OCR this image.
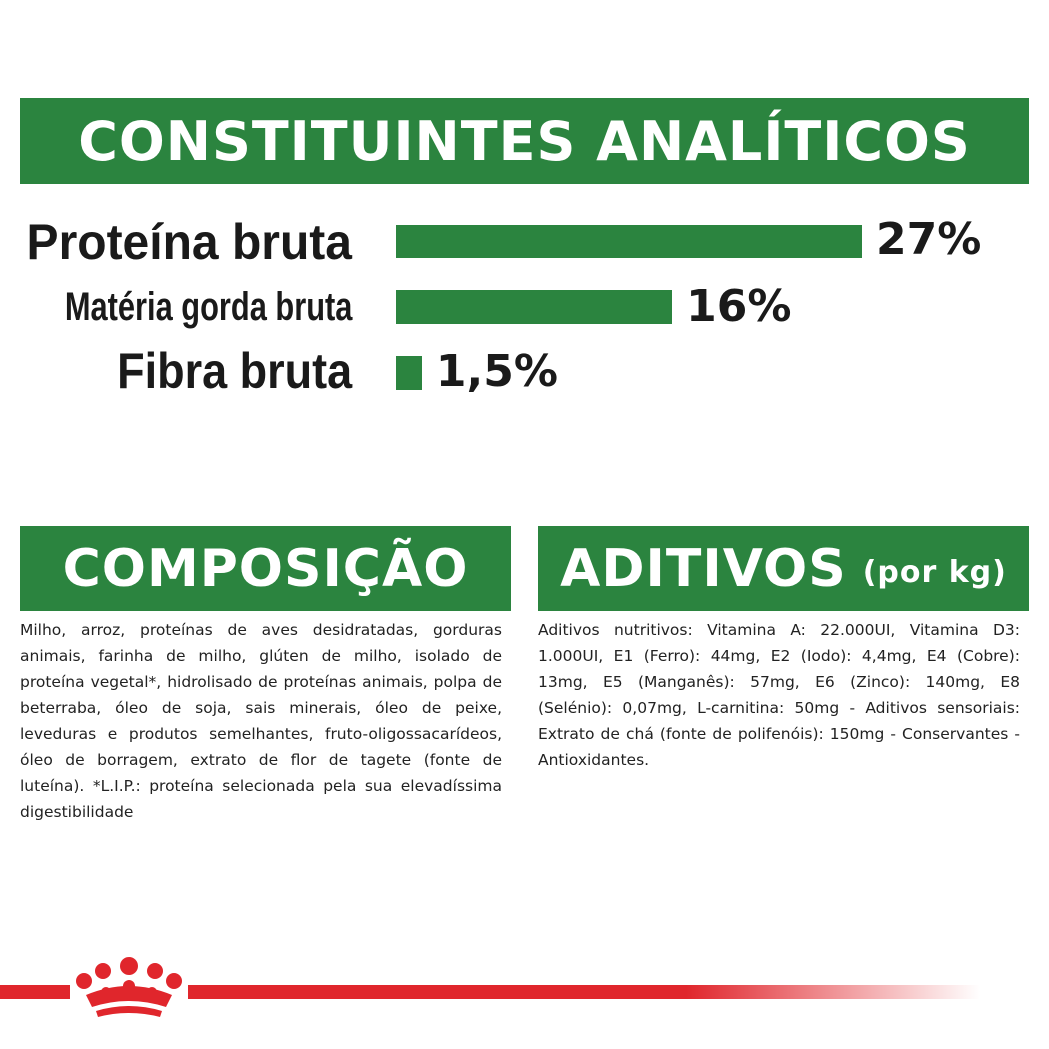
CONSTITUINTES ANALÍTICOS
Proteína bruta	27%
Matéria gorda bruta	16%
Fibra bruta 1,5%
COMPOSIÇÃO
Milho, arroz, proteínas de aves desidratadas, gorduras animais, farinha de milho, glúten de milho, isolado de proteína vegetal*, hidrolisado de proteínas animais, polpa de beterraba, óleo de soja, sais minerais, óleo de peixe, leveduras e produtos semelhantes, fruto-oligossacarídeos, óleo de borragem, extrato de flor de tagete (fonte de luteína). *L.I.P.: proteína selecionada pela sua elevadíssima digestibilidade
ADITIVOS (por kg)
Aditivos nutritivos: Vitamina A: 22.000UI, Vitamina D3: 1.000UI, E1 (Ferro): 44mg, E2 (Iodo): 4,4mg, E4 (Cobre): 13mg, E5 (Manganês): 57mg, E6 (Zinco): 140mg, E8 (Selénio): 0,07mg, L-carnitina: 50mg - Aditivos sensoriais: Extrato de chá (fonte de polifenóis): 150mg - Conservantes - Antioxidantes.
